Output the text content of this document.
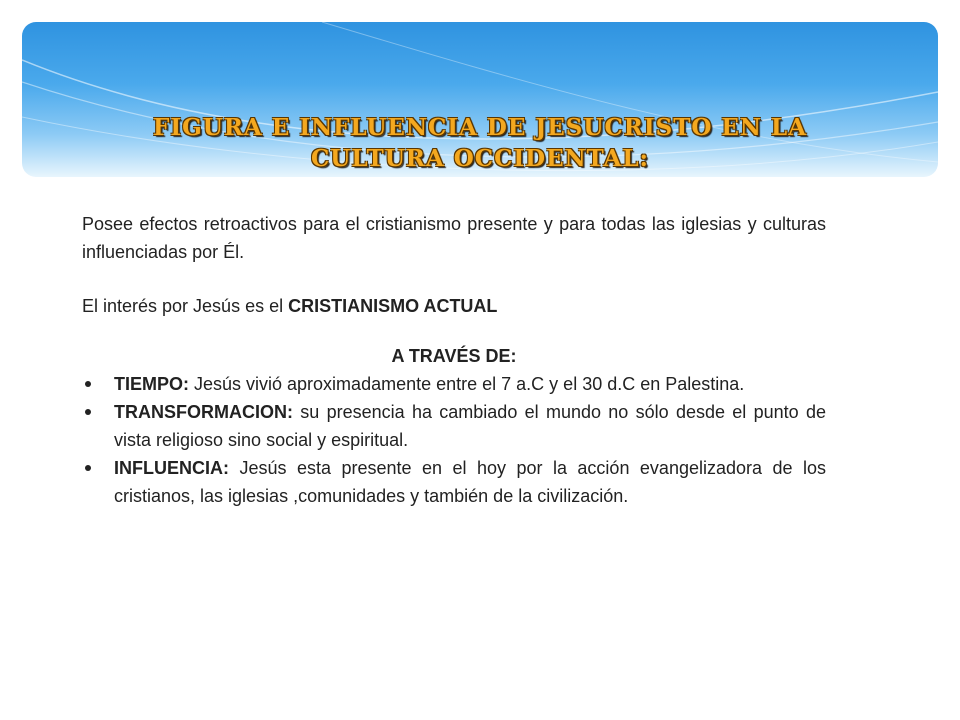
FIGURA E INFLUENCIA DE JESUCRISTO EN LA CULTURA OCCIDENTAL:

Posee efectos retroactivos para el cristianismo presente y para todas las iglesias y culturas influenciadas por Él.

El interés por Jesús es el CRISTIANISMO ACTUAL

A TRAVÉS DE:

TIEMPO: Jesús vivió aproximadamente entre el 7 a.C y el 30 d.C en Palestina.
TRANSFORMACION: su presencia ha cambiado el mundo no sólo desde el punto de vista religioso sino social y espiritual.
INFLUENCIA: Jesús esta presente en el hoy por la acción evangelizadora de los cristianos, las iglesias ,comunidades y también de la civilización.
